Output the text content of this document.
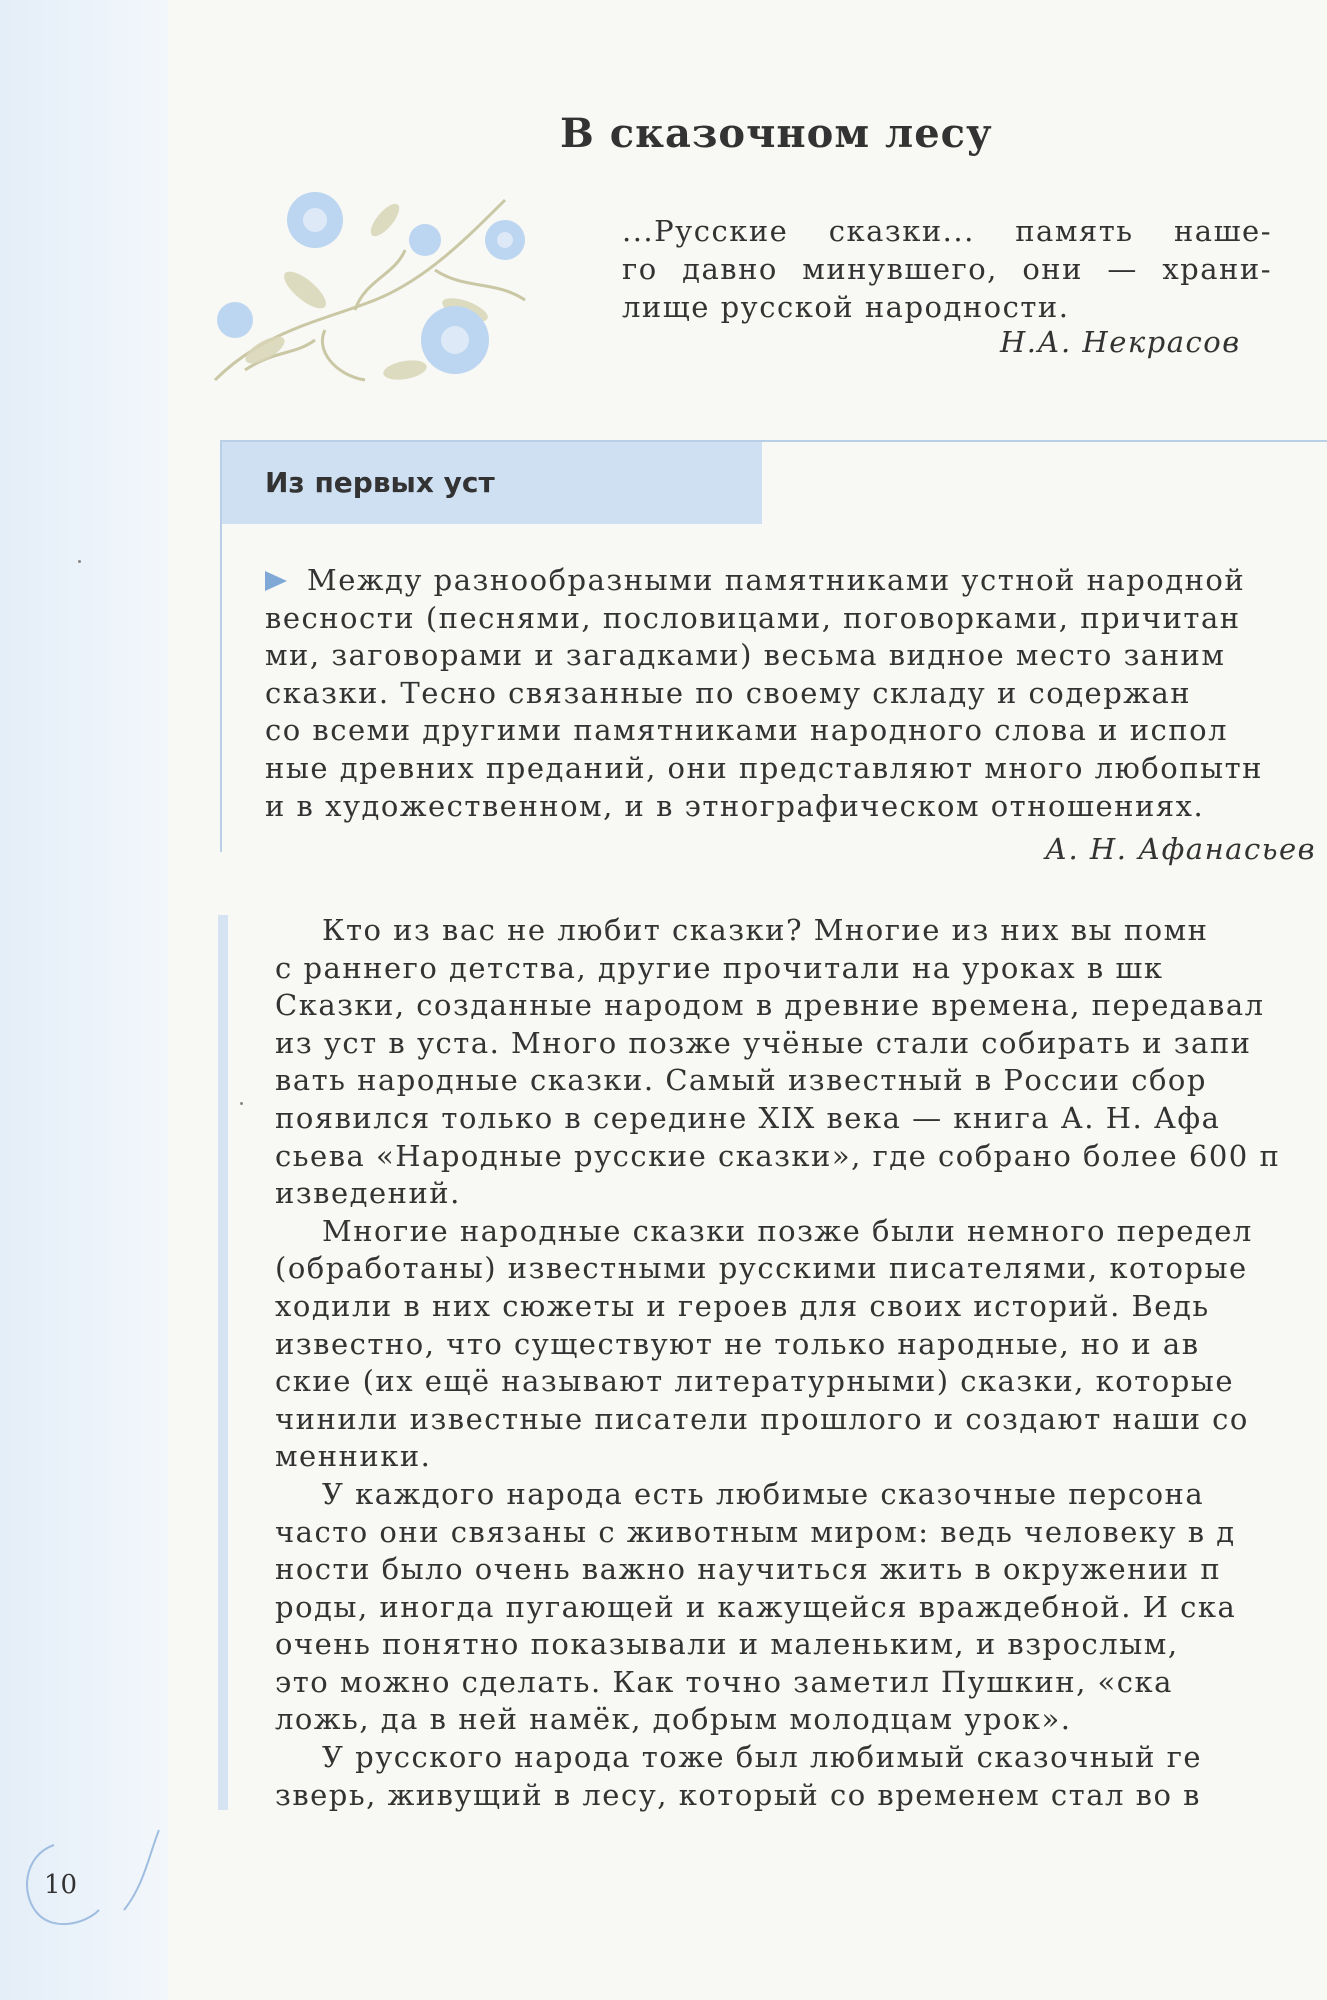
В сказочном лесу
...Русские сказки... память наше-
го давно минувшего, они — храни-
лище русской народности.
Н.А. Некрасов
Из первых уст
Между разнообразными памятниками устной народной
весности (песнями, пословицами, поговорками, причитан
ми, заговорами и загадками) весьма видное место заним
сказки. Тесно связанные по своему складу и содержан
со всеми другими памятниками народного слова и испол
ные древних преданий, они представляют много любопытн
и в художественном, и в этнографическом отношениях.
А. Н. Афанасьев
Кто из вас не любит сказки? Многие из них вы помн
с раннего детства, другие прочитали на уроках в шк
Сказки, созданные народом в древние времена, передавал
из уст в уста. Много позже учёные стали собирать и запи
вать народные сказки. Самый известный в России сбор
появился только в середине XIX века — книга А. Н. Афа
сьева «Народные русские сказки», где собрано более 600 п
изведений.
Многие народные сказки позже были немного передел
(обработаны) известными русскими писателями, которые
ходили в них сюжеты и героев для своих историй. Ведь
известно, что существуют не только народные, но и ав
ские (их ещё называют литературными) сказки, которые
чинили известные писатели прошлого и создают наши со
менники.
У каждого народа есть любимые сказочные персона
часто они связаны с животным миром: ведь человеку в д
ности было очень важно научиться жить в окружении п
роды, иногда пугающей и кажущейся враждебной. И ска
очень понятно показывали и маленьким, и взрослым,
это можно сделать. Как точно заметил Пушкин, «ска
ложь, да в ней намёк, добрым молодцам урок».
У русского народа тоже был любимый сказочный ге
зверь, живущий в лесу, который со временем стал во в
10
